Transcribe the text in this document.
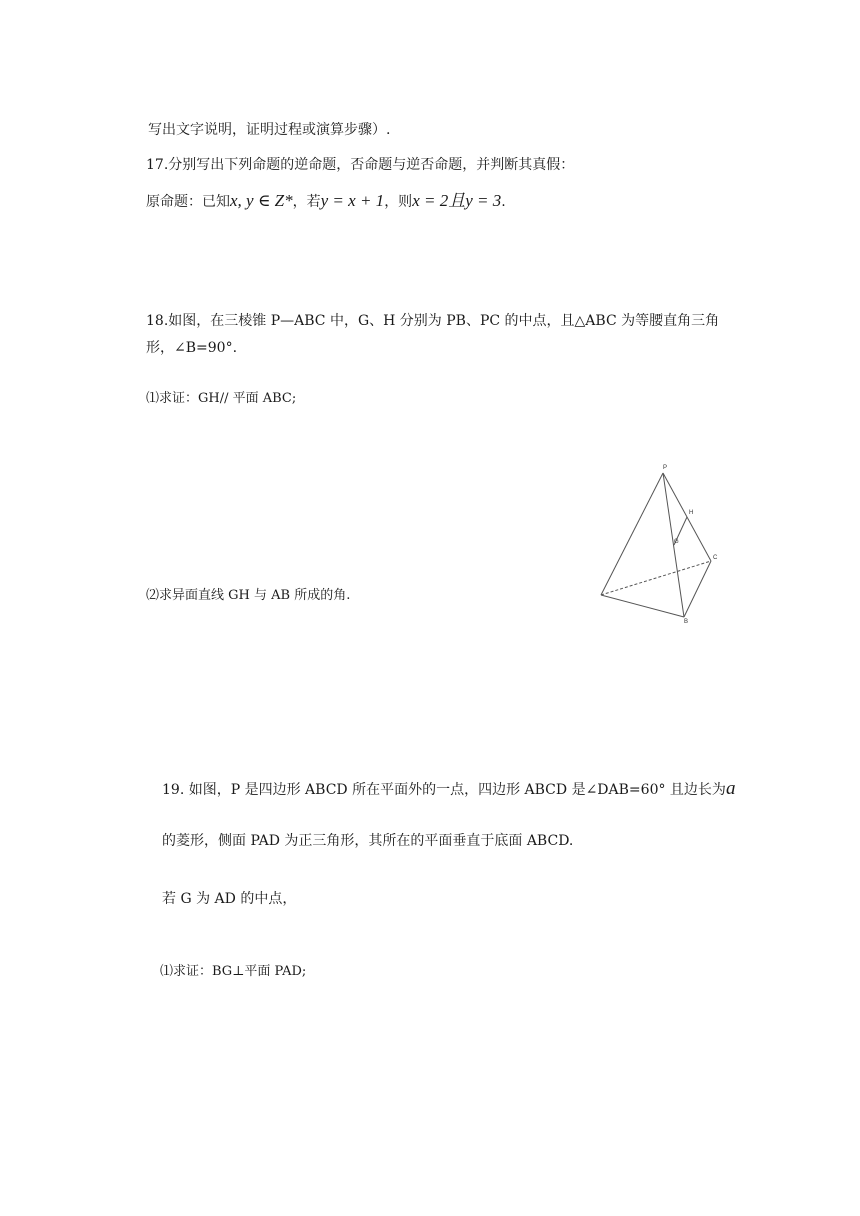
写出文字说明，证明过程或演算步骤）.
17.分别写出下列命题的逆命题，否命题与逆否命题，并判断其真假：
原命题：已知x, y ∈ Z*，若y = x + 1，则x = 2且y = 3.
18.如图，在三棱锥 P—ABC 中，G、H 分别为 PB、PC 的中点，且△ABC 为等腰直角三角
形，∠B=90°.
⑴求证：GH// 平面 ABC;
⑵求异面直线 GH 与 AB 所成的角.
P
H
G
C
B
19. 如图，P 是四边形 ABCD 所在平面外的一点，四边形 ABCD 是∠DAB=60° 且边长为a
的菱形，侧面 PAD 为正三角形，其所在的平面垂直于底面 ABCD.
若 G 为 AD 的中点，
⑴求证：BG⊥平面 PAD;
